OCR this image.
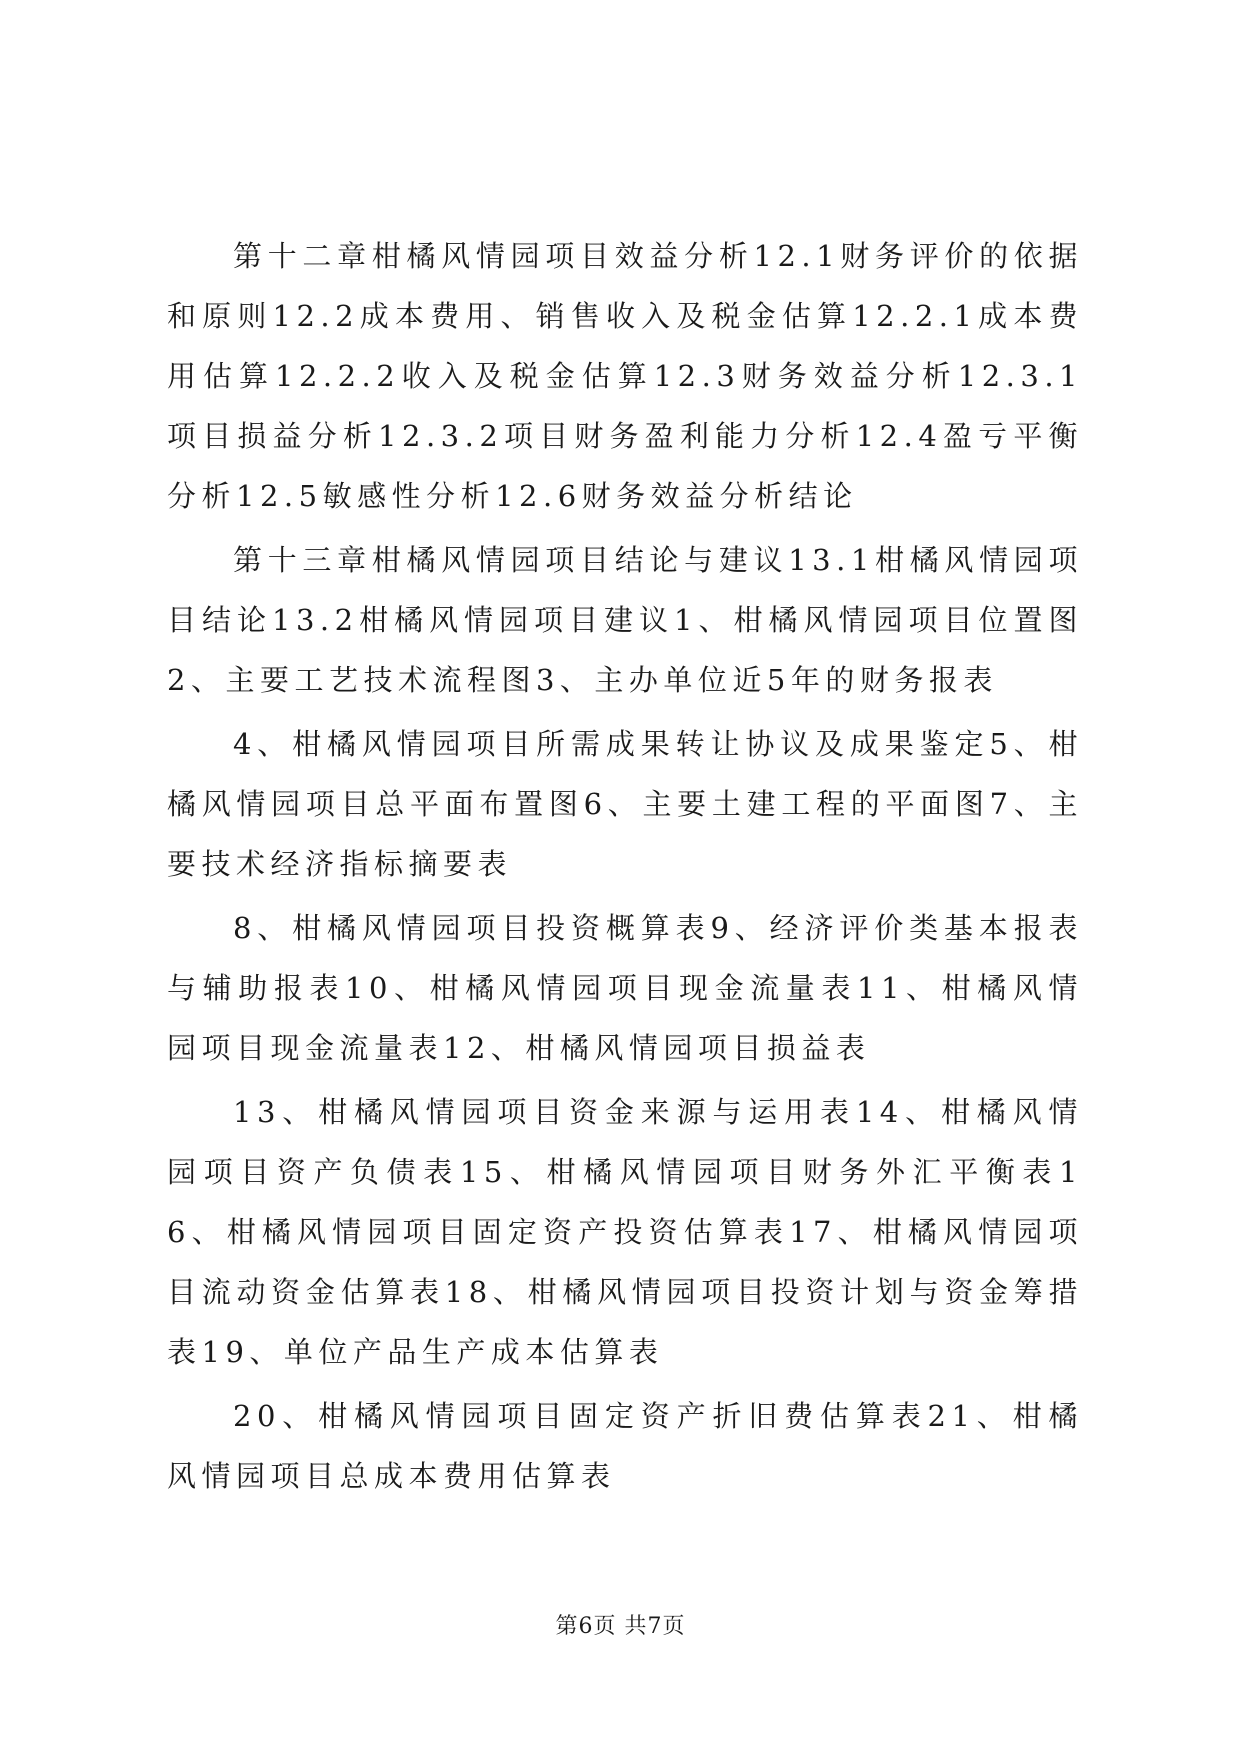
第十二章柑橘风情园项目效益分析12.1财务评价的依据和原则12.2成本费用、销售收入及税金估算12.2.1成本费用估算12.2.2收入及税金估算12.3财务效益分析12.3.1项目损益分析12.3.2项目财务盈利能力分析12.4盈亏平衡分析12.5敏感性分析12.6财务效益分析结论

第十三章柑橘风情园项目结论与建议13.1柑橘风情园项目结论13.2柑橘风情园项目建议1、柑橘风情园项目位置图2、主要工艺技术流程图3、主办单位近5年的财务报表

4、柑橘风情园项目所需成果转让协议及成果鉴定5、柑橘风情园项目总平面布置图6、主要土建工程的平面图7、主要技术经济指标摘要表

8、柑橘风情园项目投资概算表9、经济评价类基本报表与辅助报表10、柑橘风情园项目现金流量表11、柑橘风情园项目现金流量表12、柑橘风情园项目损益表

13、柑橘风情园项目资金来源与运用表14、柑橘风情园项目资产负债表15、柑橘风情园项目财务外汇平衡表16、柑橘风情园项目固定资产投资估算表17、柑橘风情园项目流动资金估算表18、柑橘风情园项目投资计划与资金筹措表19、单位产品生产成本估算表

20、柑橘风情园项目固定资产折旧费估算表21、柑橘风情园项目总成本费用估算表

第6页 共7页
